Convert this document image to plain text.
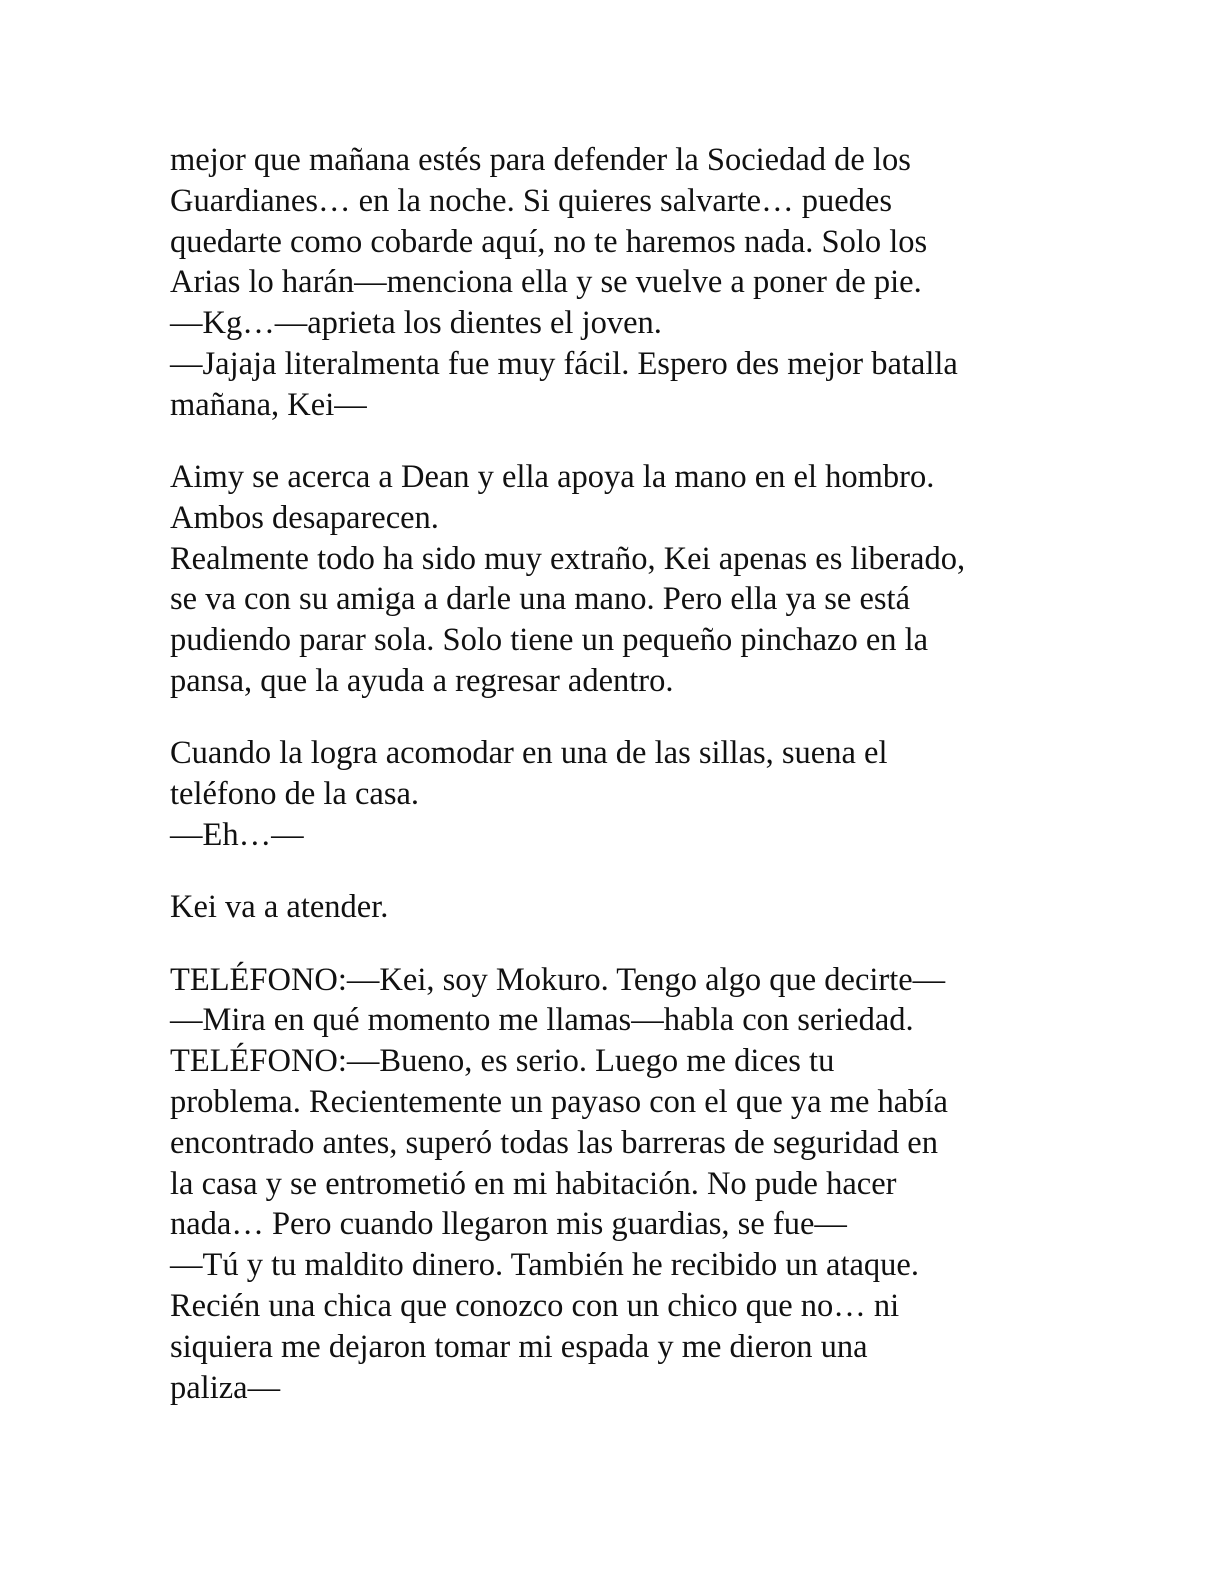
mejor que mañana estés para defender la Sociedad de los
Guardianes… en la noche. Si quieres salvarte… puedes
quedarte como cobarde aquí, no te haremos nada. Solo los
Arias lo harán—menciona ella y se vuelve a poner de pie.
—Kg…—aprieta los dientes el joven.
—Jajaja literalmenta fue muy fácil. Espero des mejor batalla
mañana, Kei—
Aimy se acerca a Dean y ella apoya la mano en el hombro.
Ambos desaparecen.
Realmente todo ha sido muy extraño, Kei apenas es liberado,
se va con su amiga a darle una mano. Pero ella ya se está
pudiendo parar sola. Solo tiene un pequeño pinchazo en la
pansa, que la ayuda a regresar adentro.
Cuando la logra acomodar en una de las sillas, suena el
teléfono de la casa.
—Eh…—
Kei va a atender.
TELÉFONO:—Kei, soy Mokuro. Tengo algo que decirte—
—Mira en qué momento me llamas—habla con seriedad.
TELÉFONO:—Bueno, es serio. Luego me dices tu
problema. Recientemente un payaso con el que ya me había
encontrado antes, superó todas las barreras de seguridad en
la casa y se entrometió en mi habitación. No pude hacer
nada… Pero cuando llegaron mis guardias, se fue—
—Tú y tu maldito dinero. También he recibido un ataque.
Recién una chica que conozco con un chico que no… ni
siquiera me dejaron tomar mi espada y me dieron una
paliza—
